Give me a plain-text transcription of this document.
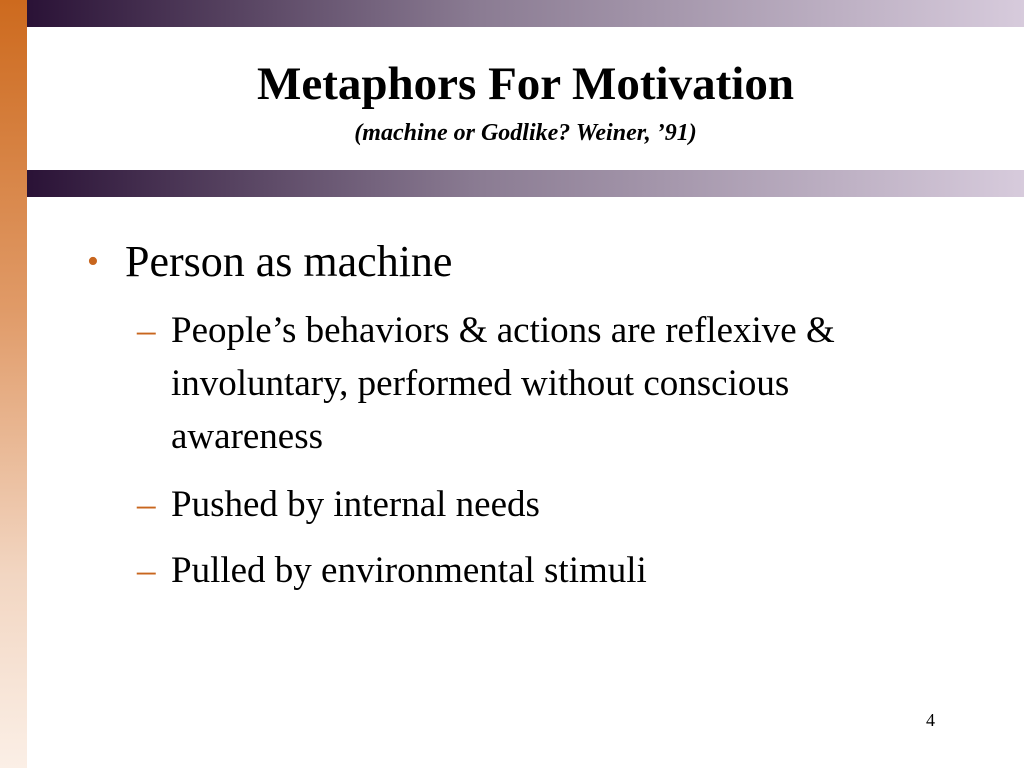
Metaphors For Motivation
(machine or Godlike? Weiner, ’91)
• Person as machine
– People’s behaviors & actions are reflexive & involuntary, performed without conscious awareness
– Pushed by internal needs
– Pulled by environmental stimuli
4
